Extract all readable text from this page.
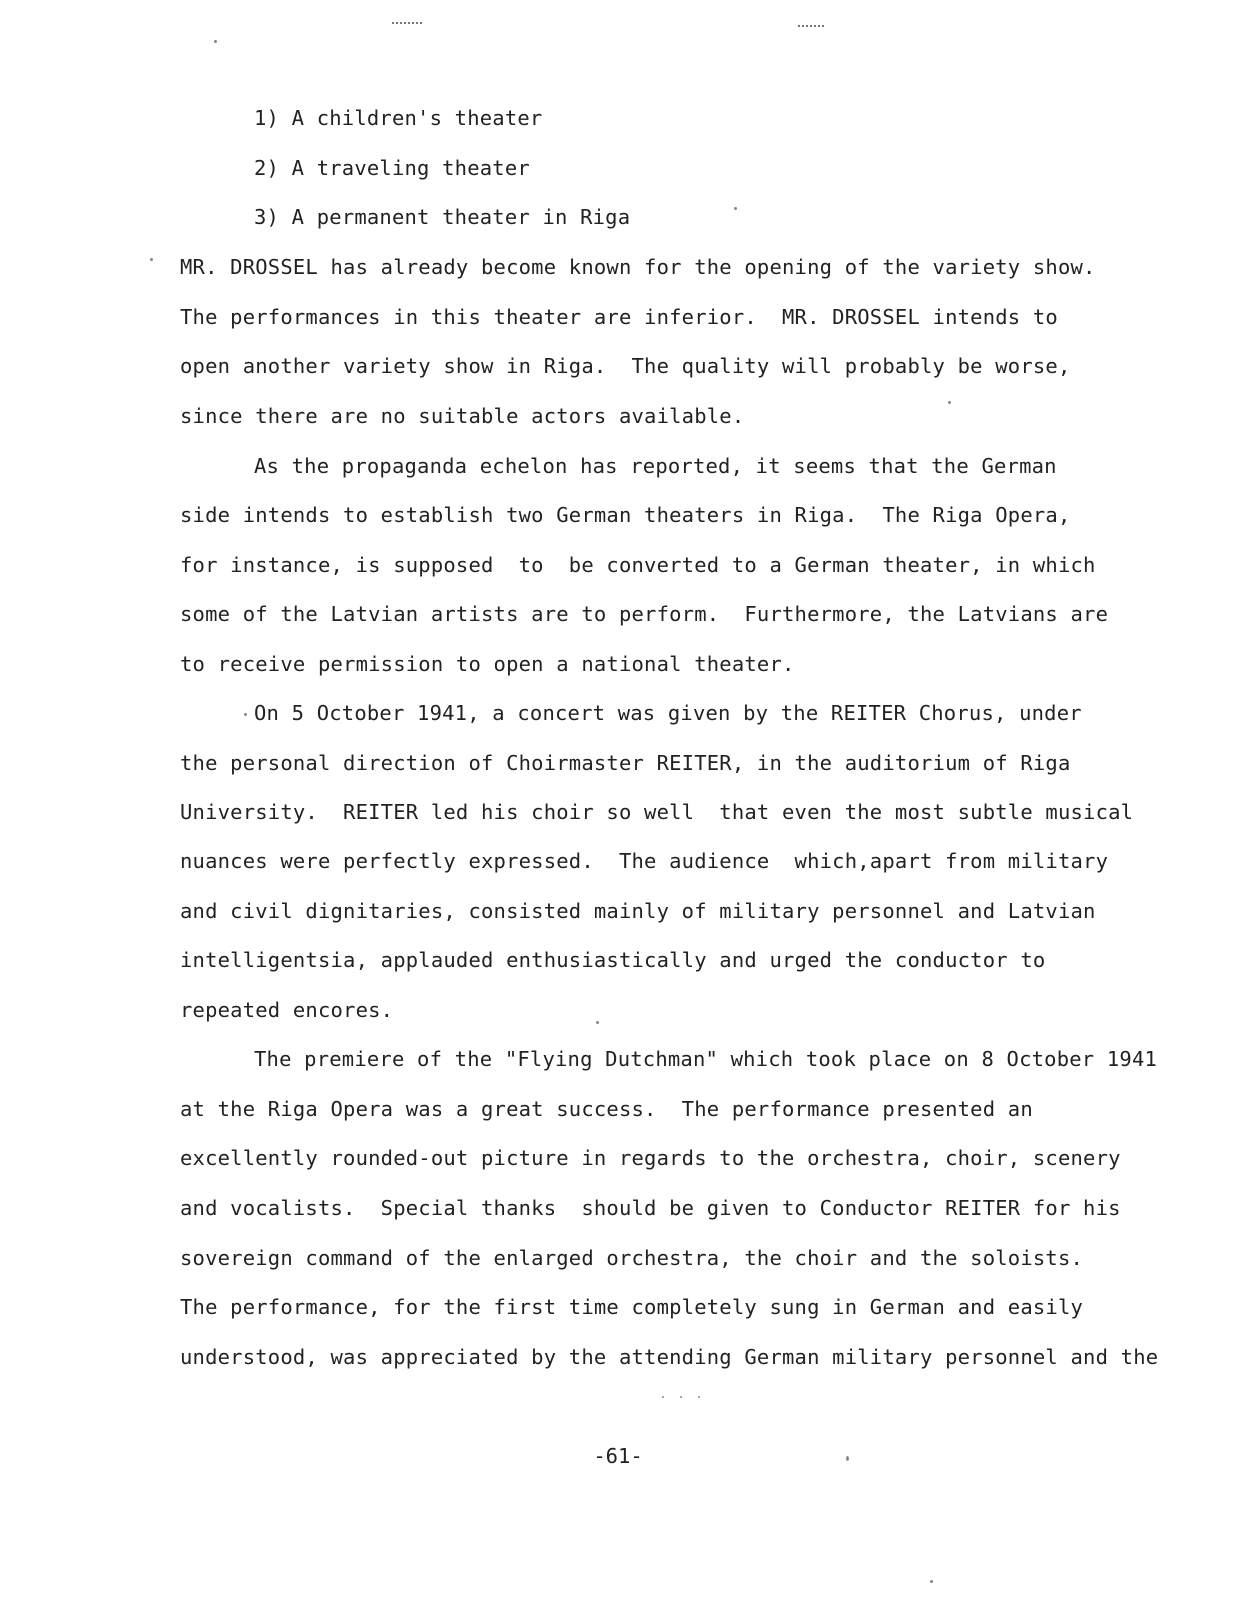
1) A children's theater

2) A traveling theater

3) A permanent theater in Riga

MR. DROSSEL has already become known for the opening of the variety show.

The performances in this theater are inferior.  MR. DROSSEL intends to

open another variety show in Riga.  The quality will probably be worse,

since there are no suitable actors available.

As the propaganda echelon has reported, it seems that the German

side intends to establish two German theaters in Riga.  The Riga Opera,

for instance, is supposed  to  be converted to a German theater, in which

some of the Latvian artists are to perform.  Furthermore, the Latvians are

to receive permission to open a national theater.

On 5 October 1941, a concert was given by the REITER Chorus, under

the personal direction of Choirmaster REITER, in the auditorium of Riga

University.  REITER led his choir so well  that even the most subtle musical

nuances were perfectly expressed.  The audience  which,apart from military

and civil dignitaries, consisted mainly of military personnel and Latvian

intelligentsia, applauded enthusiastically and urged the conductor to

repeated encores.

The premiere of the "Flying Dutchman" which took place on 8 October 1941

at the Riga Opera was a great success.  The performance presented an

excellently rounded-out picture in regards to the orchestra, choir, scenery

and vocalists.  Special thanks  should be given to Conductor REITER for his

sovereign command of the enlarged orchestra, the choir and the soloists.

The performance, for the first time completely sung in German and easily

understood, was appreciated by the attending German military personnel and the

-61-
